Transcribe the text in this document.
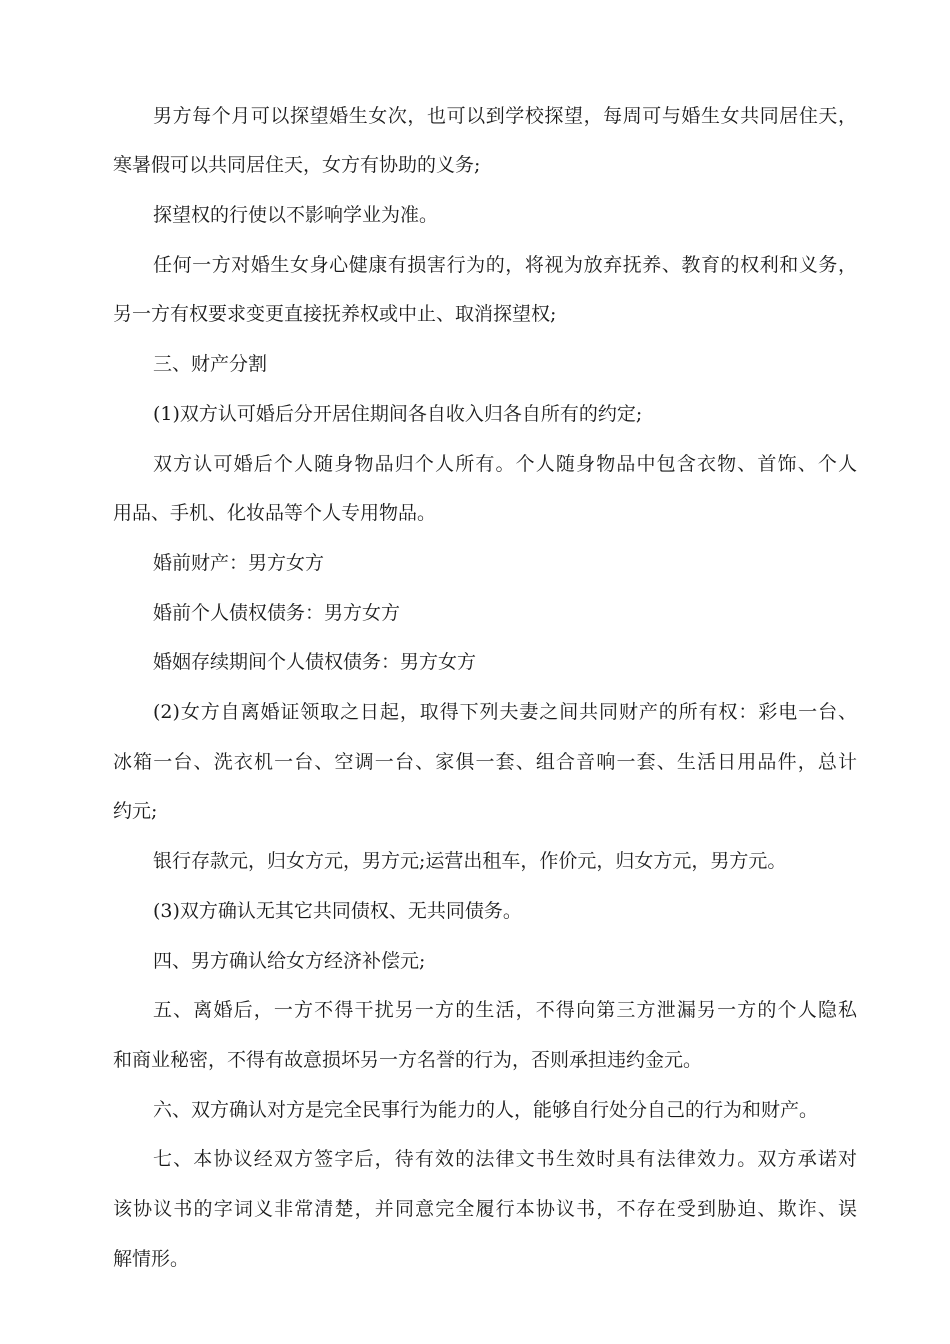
男方每个月可以探望婚生女次，也可以到学校探望，每周可与婚生女共同居住天，

寒暑假可以共同居住天，女方有协助的义务;

探望权的行使以不影响学业为准。

任何一方对婚生女身心健康有损害行为的，将视为放弃抚养、教育的权利和义务，

另一方有权要求变更直接抚养权或中止、取消探望权;

三、财产分割

(1)双方认可婚后分开居住期间各自收入归各自所有的约定;

双方认可婚后个人随身物品归个人所有。个人随身物品中包含衣物、首饰、个人

用品、手机、化妆品等个人专用物品。

婚前财产：男方女方

婚前个人债权债务：男方女方

婚姻存续期间个人债权债务：男方女方

(2)女方自离婚证领取之日起，取得下列夫妻之间共同财产的所有权：彩电一台、

冰箱一台、洗衣机一台、空调一台、家俱一套、组合音响一套、生活日用品件，总计

约元;

银行存款元，归女方元，男方元;运营出租车，作价元，归女方元，男方元。

(3)双方确认无其它共同债权、无共同债务。

四、男方确认给女方经济补偿元;

五、离婚后，一方不得干扰另一方的生活，不得向第三方泄漏另一方的个人隐私

和商业秘密，不得有故意损坏另一方名誉的行为，否则承担违约金元。

六、双方确认对方是完全民事行为能力的人，能够自行处分自己的行为和财产。

七、本协议经双方签字后，待有效的法律文书生效时具有法律效力。双方承诺对

该协议书的字词义非常清楚，并同意完全履行本协议书，不存在受到胁迫、欺诈、误

解情形。
